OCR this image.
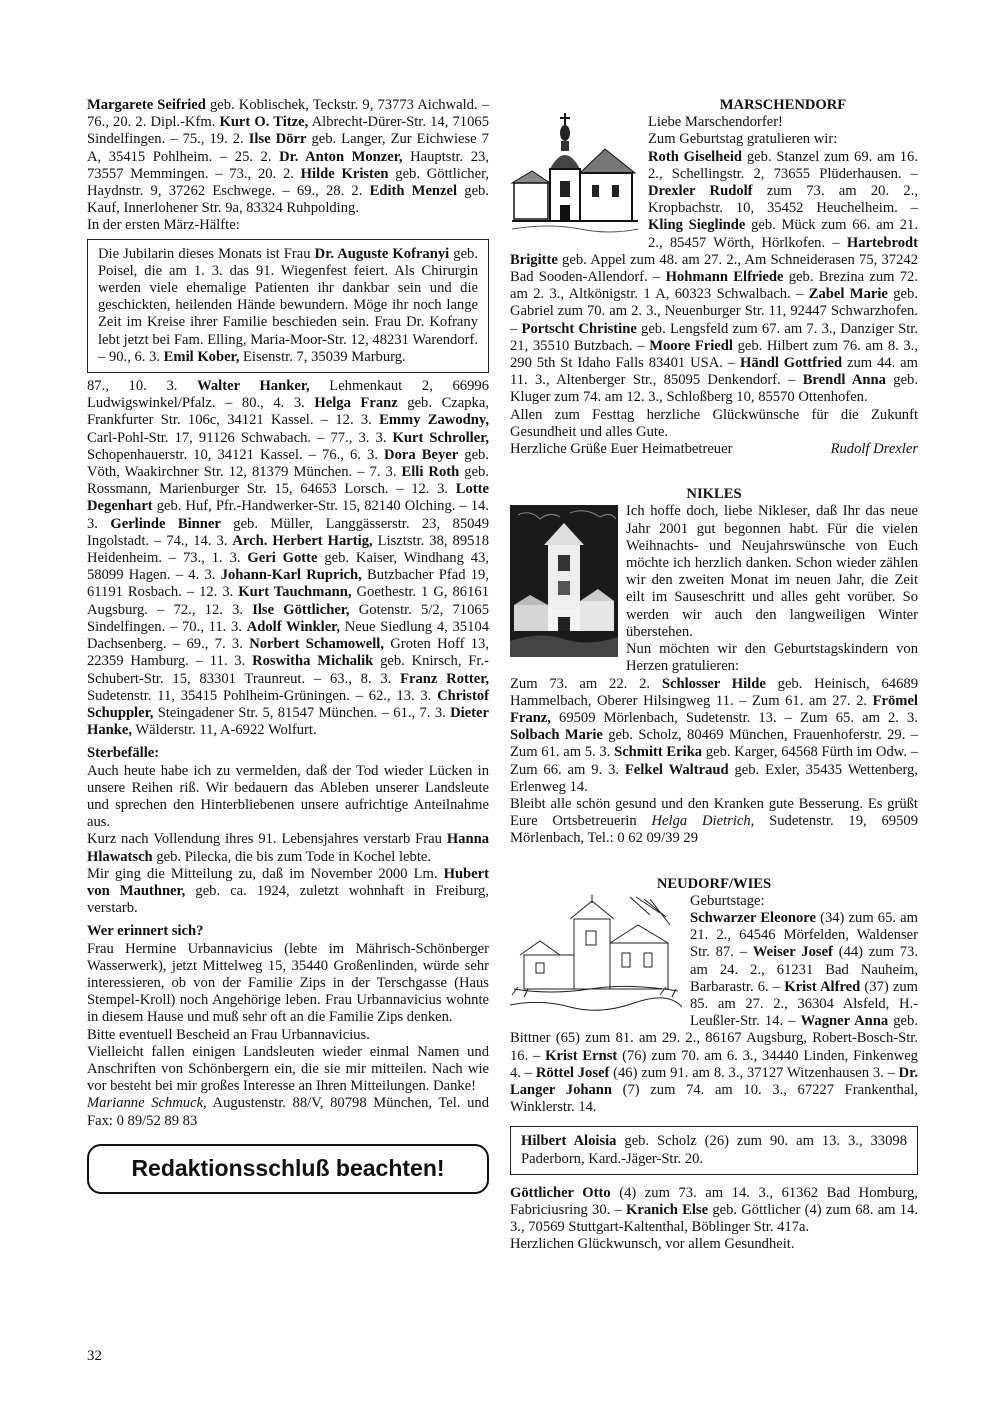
Margarete Seifried geb. Koblischek, Teckstr. 9, 73773 Aichwald. – 76., 20. 2. Dipl.-Kfm. Kurt O. Titze, Albrecht-Dürer-Str. 14, 71065 Sindelfingen. – 75., 19. 2. Ilse Dörr geb. Langer, Zur Eichwiese 7 A, 35415 Pohlheim. – 25. 2. Dr. Anton Monzer, Hauptstr. 23, 73557 Memmingen. – 73., 20. 2. Hilde Kristen geb. Göttlicher, Haydnstr. 9, 37262 Eschwege. – 69., 28. 2. Edith Menzel geb. Kauf, Innerlohener Str. 9a, 83324 Ruhpolding.

In der ersten März-Hälfte:

Die Jubilarin dieses Monats ist Frau Dr. Auguste Kofranyi geb. Poisel, die am 1. 3. das 91. Wiegenfest feiert. Als Chirurgin werden viele ehemalige Patienten ihr dankbar sein und die geschickten, heilenden Hände bewundern. Möge ihr noch lange Zeit im Kreise ihrer Familie beschieden sein. Frau Dr. Kofrany lebt jetzt bei Fam. Elling, Maria-Moor-Str. 12, 48231 Warendorf. – 90., 6. 3. Emil Kober, Eisenstr. 7, 35039 Marburg.

87., 10. 3. Walter Hanker, Lehmenkaut 2, 66996 Ludwigswinkel/Pfalz. – 80., 4. 3. Helga Franz geb. Czapka, Frankfurter Str. 106c, 34121 Kassel. – 12. 3. Emmy Zawodny, Carl-Pohl-Str. 17, 91126 Schwabach. – 77., 3. 3. Kurt Schroller, Schopenhauerstr. 10, 34121 Kassel. – 76., 6. 3. Dora Beyer geb. Vöth, Waakirchner Str. 12, 81379 München. – 7. 3. Elli Roth geb. Rossmann, Marienburger Str. 15, 64653 Lorsch. – 12. 3. Lotte Degenhart geb. Huf, Pfr.-Handwerker-Str. 15, 82140 Olching. – 14. 3. Gerlinde Binner geb. Müller, Langgässerstr. 23, 85049 Ingolstadt. – 74., 14. 3. Arch. Herbert Hartig, Lisztstr. 38, 89518 Heidenheim. – 73., 1. 3. Geri Gotte geb. Kaiser, Windhang 43, 58099 Hagen. – 4. 3. Johann-Karl Ruprich, Butzbacher Pfad 19, 61191 Rosbach. – 12. 3. Kurt Tauchmann, Goethestr. 1 G, 86161 Augsburg. – 72., 12. 3. Ilse Göttlicher, Gotenstr. 5/2, 71065 Sindelfingen. – 70., 11. 3. Adolf Winkler, Neue Siedlung 4, 35104 Dachsenberg. – 69., 7. 3. Norbert Schamowell, Groten Hoff 13, 22359 Hamburg. – 11. 3. Roswitha Michalik geb. Knirsch, Fr.-Schubert-Str. 15, 83301 Traunreut. – 63., 8. 3. Franz Rotter, Sudetenstr. 11, 35415 Pohlheim-Grüningen. – 62., 13. 3. Christof Schuppler, Steingadener Str. 5, 81547 München. – 61., 7. 3. Dieter Hanke, Wälderstr. 11, A-6922 Wolfurt.

Sterbefälle:

Auch heute habe ich zu vermelden, daß der Tod wieder Lücken in unsere Reihen riß. Wir bedauern das Ableben unserer Landsleute und sprechen den Hinterbliebenen unsere aufrichtige Anteilnahme aus.

Kurz nach Vollendung ihres 91. Lebensjahres verstarb Frau Hanna Hlawatsch geb. Pilecka, die bis zum Tode in Kochel lebte.

Mir ging die Mitteilung zu, daß im November 2000 Lm. Hubert von Mauthner, geb. ca. 1924, zuletzt wohnhaft in Freiburg, verstarb.

Wer erinnert sich?

Frau Hermine Urbannavicius (lebte im Mährisch-Schönberger Wasserwerk), jetzt Mittelweg 15, 35440 Großenlinden, würde sehr interessieren, ob von der Familie Zips in der Terschgasse (Haus Stempel-Kroll) noch Angehörige leben. Frau Urbannavicius wohnte in diesem Hause und muß sehr oft an die Familie Zips denken.

Bitte eventuell Bescheid an Frau Urbannavicius.

Vielleicht fallen einigen Landsleuten wieder einmal Namen und Anschriften von Schönbergern ein, die sie mir mitteilen. Nach wie vor besteht bei mir großes Interesse an Ihren Mitteilungen. Danke!

Marianne Schmuck, Augustenstr. 88/V, 80798 München, Tel. und Fax: 0 89/52 89 83

Redaktionsschluß beachten!

MARSCHENDORF

Liebe Marschendorfer!

Zum Geburtstag gratulieren wir:

Roth Giselheid geb. Stanzel zum 69. am 16. 2., Schellingstr. 2, 73655 Plüderhausen. – Drexler Rudolf zum 73. am 20. 2., Kropbachstr. 10, 35452 Heuchelheim. – Kling Sieglinde geb. Mück zum 66. am 21. 2., 85457 Wörth, Hörlkofen. – Hartebrodt Brigitte geb. Appel zum 48. am 27. 2., Am Schneiderasen 75, 37242 Bad Sooden-Allendorf. – Hohmann Elfriede geb. Brezina zum 72. am 2. 3., Altkönigstr. 1 A, 60323 Schwalbach. – Zabel Marie geb. Gabriel zum 70. am 2. 3., Neuenburger Str. 11, 92447 Schwarzhofen. – Portscht Christine geb. Lengsfeld zum 67. am 7. 3., Danziger Str. 21, 35510 Butzbach. – Moore Friedl geb. Hilbert zum 76. am 8. 3., 290 5th St Idaho Falls 83401 USA. – Händl Gottfried zum 44. am 11. 3., Altenberger Str., 85095 Denkendorf. – Brendl Anna geb. Kluger zum 74. am 12. 3., Schloßberg 10, 85570 Ottenhofen.

Allen zum Festtag herzliche Glückwünsche für die Zukunft Gesundheit und alles Gute.

Herzliche Grüße Euer Heimatbetreuer	Rudolf Drexler

NIKLES

Ich hoffe doch, liebe Nikleser, daß Ihr das neue Jahr 2001 gut begonnen habt. Für die vielen Weihnachts- und Neujahrswünsche von Euch möchte ich herzlich danken. Schon wieder zählen wir den zweiten Monat im neuen Jahr, die Zeit eilt im Sauseschritt und alles geht vorüber. So werden wir auch den langweiligen Winter überstehen.

Nun möchten wir den Geburtstagskindern von Herzen gratulieren:

Zum 73. am 22. 2. Schlosser Hilde geb. Heinisch, 64689 Hammelbach, Oberer Hilsingweg 11. – Zum 61. am 27. 2. Frömel Franz, 69509 Mörlenbach, Sudetenstr. 13. – Zum 65. am 2. 3. Solbach Marie geb. Scholz, 80469 München, Frauenhoferstr. 29. – Zum 61. am 5. 3. Schmitt Erika geb. Karger, 64568 Fürth im Odw. – Zum 66. am 9. 3. Felkel Waltraud geb. Exler, 35435 Wettenberg, Erlenweg 14.

Bleibt alle schön gesund und den Kranken gute Besserung. Es grüßt Eure Ortsbetreuerin Helga Dietrich, Sudetenstr. 19, 69509 Mörlenbach, Tel.: 0 62 09/39 29

NEUDORF/WIES

Geburtstage:

Schwarzer Eleonore (34) zum 65. am 21. 2., 64546 Mörfelden, Waldenser Str. 87. – Weiser Josef (44) zum 73. am 24. 2., 61231 Bad Nauheim, Barbarastr. 6. – Krist Alfred (37) zum 85. am 27. 2., 36304 Alsfeld, H.-Leußler-Str. 14. – Wagner Anna geb. Bittner (65) zum 81. am 29. 2., 86167 Augsburg, Robert-Bosch-Str. 16. – Krist Ernst (76) zum 70. am 6. 3., 34440 Linden, Finkenweg 4. – Röttel Josef (46) zum 91. am 8. 3., 37127 Witzenhausen 3. – Dr. Langer Johann (7) zum 74. am 10. 3., 67227 Frankenthal, Winklerstr. 14.

Hilbert Aloisia geb. Scholz (26) zum 90. am 13. 3., 33098 Paderborn, Kard.-Jäger-Str. 20.

Göttlicher Otto (4) zum 73. am 14. 3., 61362 Bad Homburg, Fabriciusring 30. – Kranich Else geb. Göttlicher (4) zum 68. am 14. 3., 70569 Stuttgart-Kaltenthal, Böblinger Str. 417a.

Herzlichen Glückwunsch, vor allem Gesundheit.

32
